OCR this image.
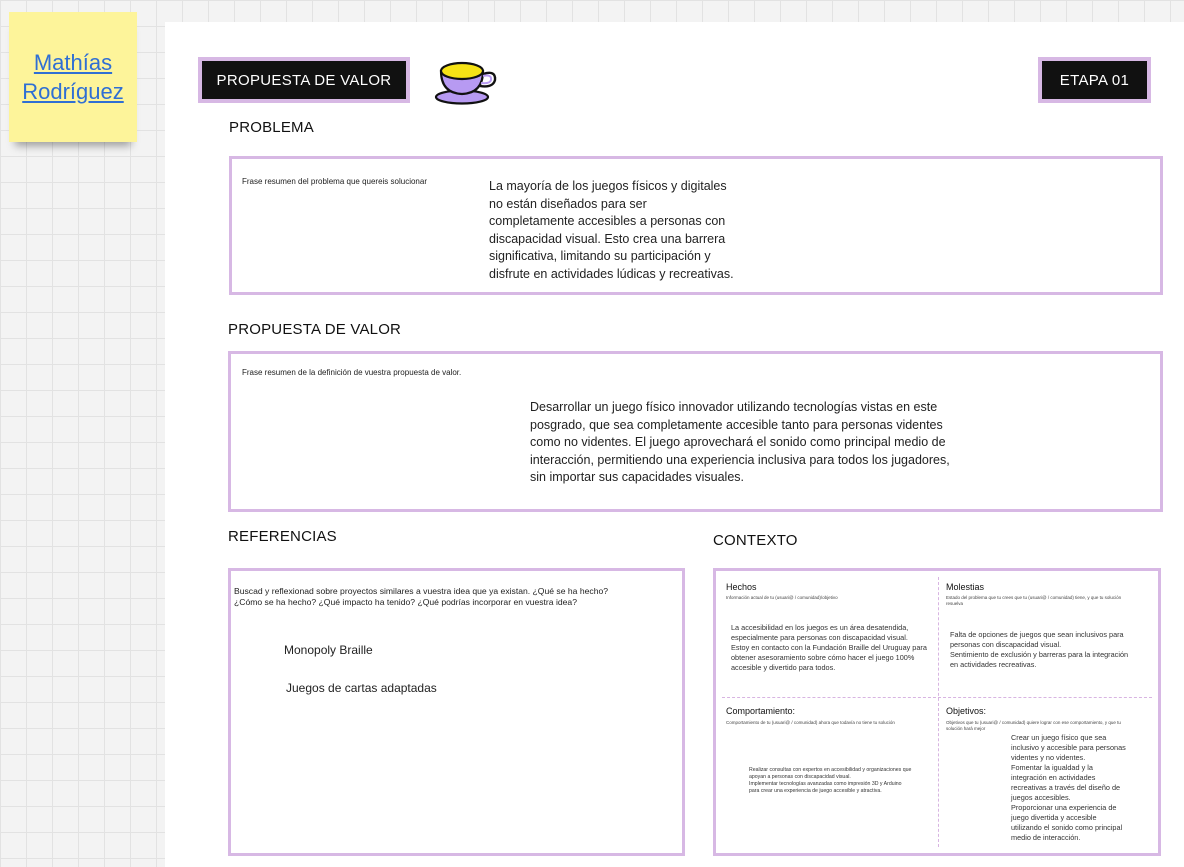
Mathías
Rodríguez	PROPUESTA DE VALOR	ETAPA 01
PROBLEMA
Frase resumen del problema que quereis solucionar	La mayoría de los juegos físicos y digitales
no están diseñados para ser
completamente accesibles a personas con
discapacidad visual. Esto crea una barrera
significativa, limitando su participación y
disfrute en actividades lúdicas y recreativas.
PROPUESTA DE VALOR
Frase resumen de la definición de vuestra propuesta de valor.
Desarrollar un juego físico innovador utilizando tecnologías vistas en este
posgrado, que sea completamente accesible tanto para personas videntes
como no videntes. El juego aprovechará el sonido como principal medio de
interacción, permitiendo una experiencia inclusiva para todos los jugadores,
sin importar sus capacidades visuales.
REFERENCIAS
Buscad y reflexionad sobre proyectos similares a vuestra idea que ya existan. ¿Qué se ha hecho?
¿Cómo se ha hecho? ¿Qué impacto ha tenido? ¿Qué podrías incorporar en vuestra idea?
Monopoly Braille
Juegos de cartas adaptadas
CONTEXTO
Hechos
Información actual de tu (usuari@ / comunidad)/objetivo
La accesibilidad en los juegos es un área desatendida,
especialmente para personas con discapacidad visual.
Estoy en contacto con la Fundación Braille del Uruguay para
obtener asesoramiento sobre cómo hacer el juego 100%
accesible y divertido para todos.
Molestias
Estado del problema que tu crees que tu (usuari@ / comunidad) tiene, y que tu solución
resuelva
Falta de opciones de juegos que sean inclusivos para
personas con discapacidad visual.
Sentimiento de exclusión y barreras para la integración
en actividades recreativas.
Comportamiento:
Comportamiento de tu (usuari@ / comunidad) ahora que todavía no tiene tu solución
Realizar consultas con expertos en accesibilidad y organizaciones que
apoyan a personas con discapacidad visual.
Implementar tecnologías avanzadas como impresión 3D y Arduino
para crear una experiencia de juego accesible y atractiva.
Objetivos:
Objetivos que tu (usuari@ / comunidad) quiere lograr con ese comportamiento, y que tu
solución hará mejor
Crear un juego físico que sea
inclusivo y accesible para personas
videntes y no videntes.
Fomentar la igualdad y la
integración en actividades
recreativas a través del diseño de
juegos accesibles.
Proporcionar una experiencia de
juego divertida y accesible
utilizando el sonido como principal
medio de interacción.
